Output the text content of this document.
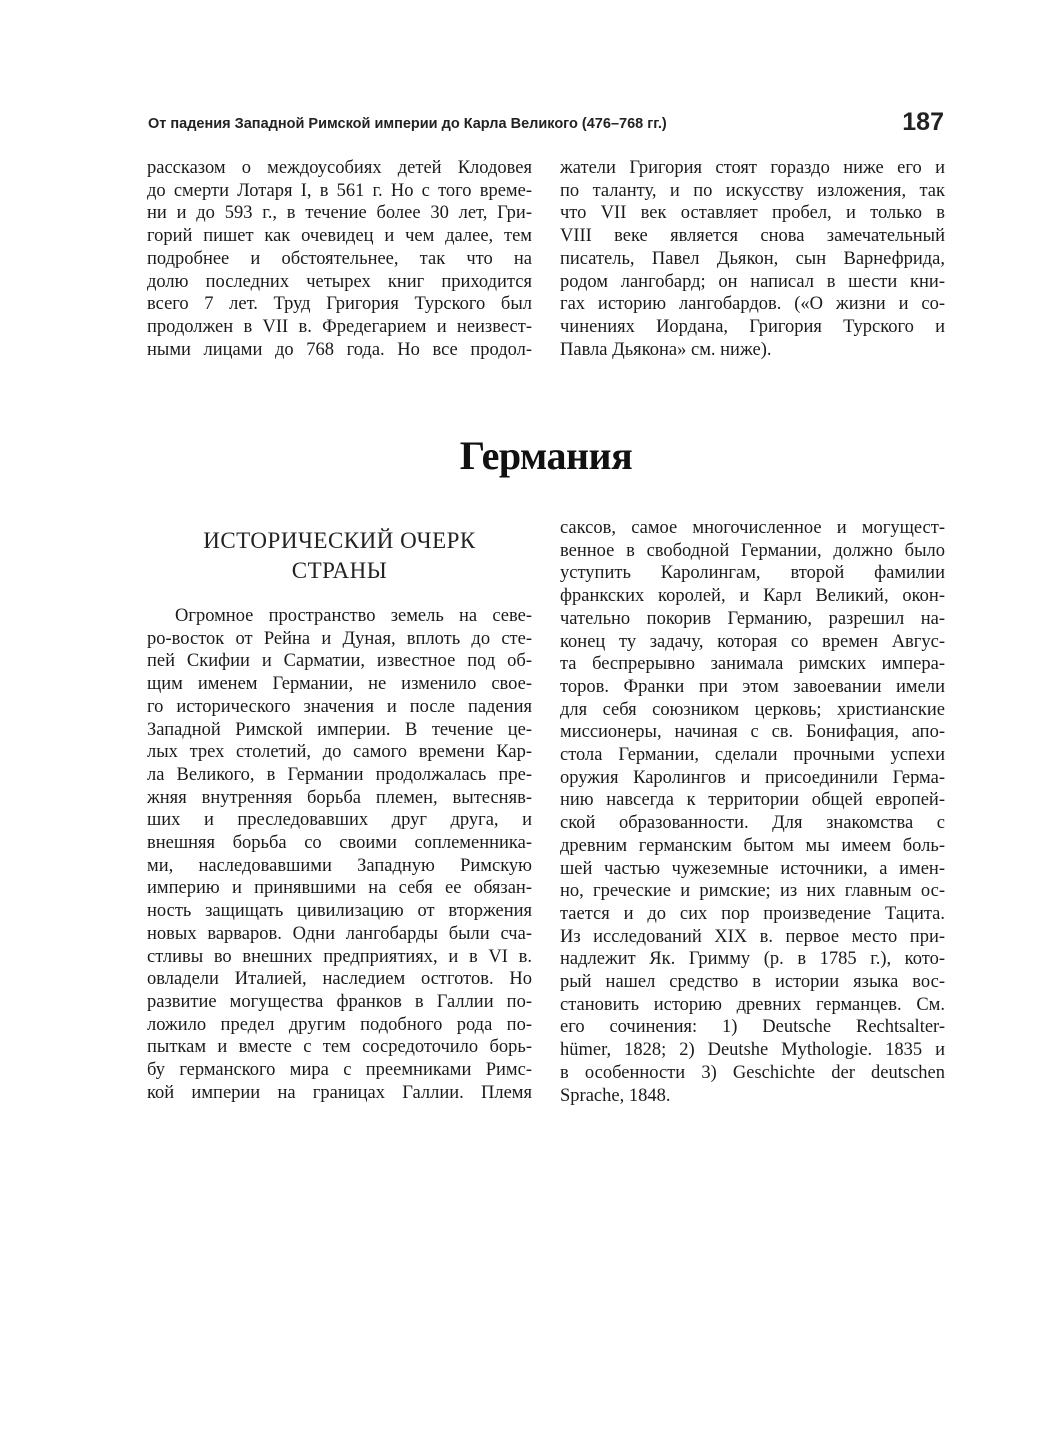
От падения Западной Римской империи до Карла Великого (476–768 гг.)	187
рассказом о междоусобиях детей Клодовея
до смерти Лотаря I, в 561 г. Но с того време-
ни и до 593 г., в течение более 30 лет, Гри-
горий пишет как очевидец и чем далее, тем
подробнее и обстоятельнее, так что на
долю последних четырех книг приходится
всего 7 лет. Труд Григория Турского был
продолжен в VII в. Фредегарием и неизвест-
ными лицами до 768 года. Но все продол-
жатели Григория стоят гораздо ниже его и
по таланту, и по искусству изложения, так
что VII век оставляет пробел, и только в
VIII веке является снова замечательный
писатель, Павел Дьякон, сын Варнефрида,
родом лангобард; он написал в шести кни-
гах историю лангобардов. («О жизни и со-
чинениях Иордана, Григория Турского и
Павла Дьякона» см. ниже).
Германия
ИСТОРИЧЕСКИЙ ОЧЕРК
СТРАНЫ
Огромное пространство земель на севе-
ро-восток от Рейна и Дуная, вплоть до сте-
пей Скифии и Сарматии, известное под об-
щим именем Германии, не изменило свое-
го исторического значения и после падения
Западной Римской империи. В течение це-
лых трех столетий, до самого времени Кар-
ла Великого, в Германии продолжалась пре-
жняя внутренняя борьба племен, вытесняв-
ших и преследовавших друг друга, и
внешняя борьба со своими соплеменника-
ми, наследовавшими Западную Римскую
империю и принявшими на себя ее обязан-
ность защищать цивилизацию от вторжения
новых варваров. Одни лангобарды были сча-
стливы во внешних предприятиях, и в VI в.
овладели Италией, наследием остготов. Но
развитие могущества франков в Галлии по-
ложило предел другим подобного рода по-
пыткам и вместе с тем сосредоточило борь-
бу германского мира с преемниками Римс-
кой империи на границах Галлии. Племя
саксов, самое многочисленное и могущест-
венное в свободной Германии, должно было
уступить Каролингам, второй фамилии
франкских королей, и Карл Великий, окон-
чательно покорив Германию, разрешил на-
конец ту задачу, которая со времен Авгус-
та беспрерывно занимала римских импера-
торов. Франки при этом завоевании имели
для себя союзником церковь; христианские
миссионеры, начиная с св. Бонифация, апо-
стола Германии, сделали прочными успехи
оружия Каролингов и присоединили Герма-
нию навсегда к территории общей европей-
ской образованности. Для знакомства с
древним германским бытом мы имеем боль-
шей частью чужеземные источники, а имен-
но, греческие и римские; из них главным ос-
тается и до сих пор произведение Тацита.
Из исследований XIX в. первое место при-
надлежит Як. Гримму (р. в 1785 г.), кото-
рый нашел средство в истории языка вос-
становить историю древних германцев. См.
его сочинения: 1) Deutsche Rechtsalter-
hümer, 1828; 2) Deutshe Mythologie. 1835 и
в особенности 3) Geschichte der deutschen
Sprache, 1848.
